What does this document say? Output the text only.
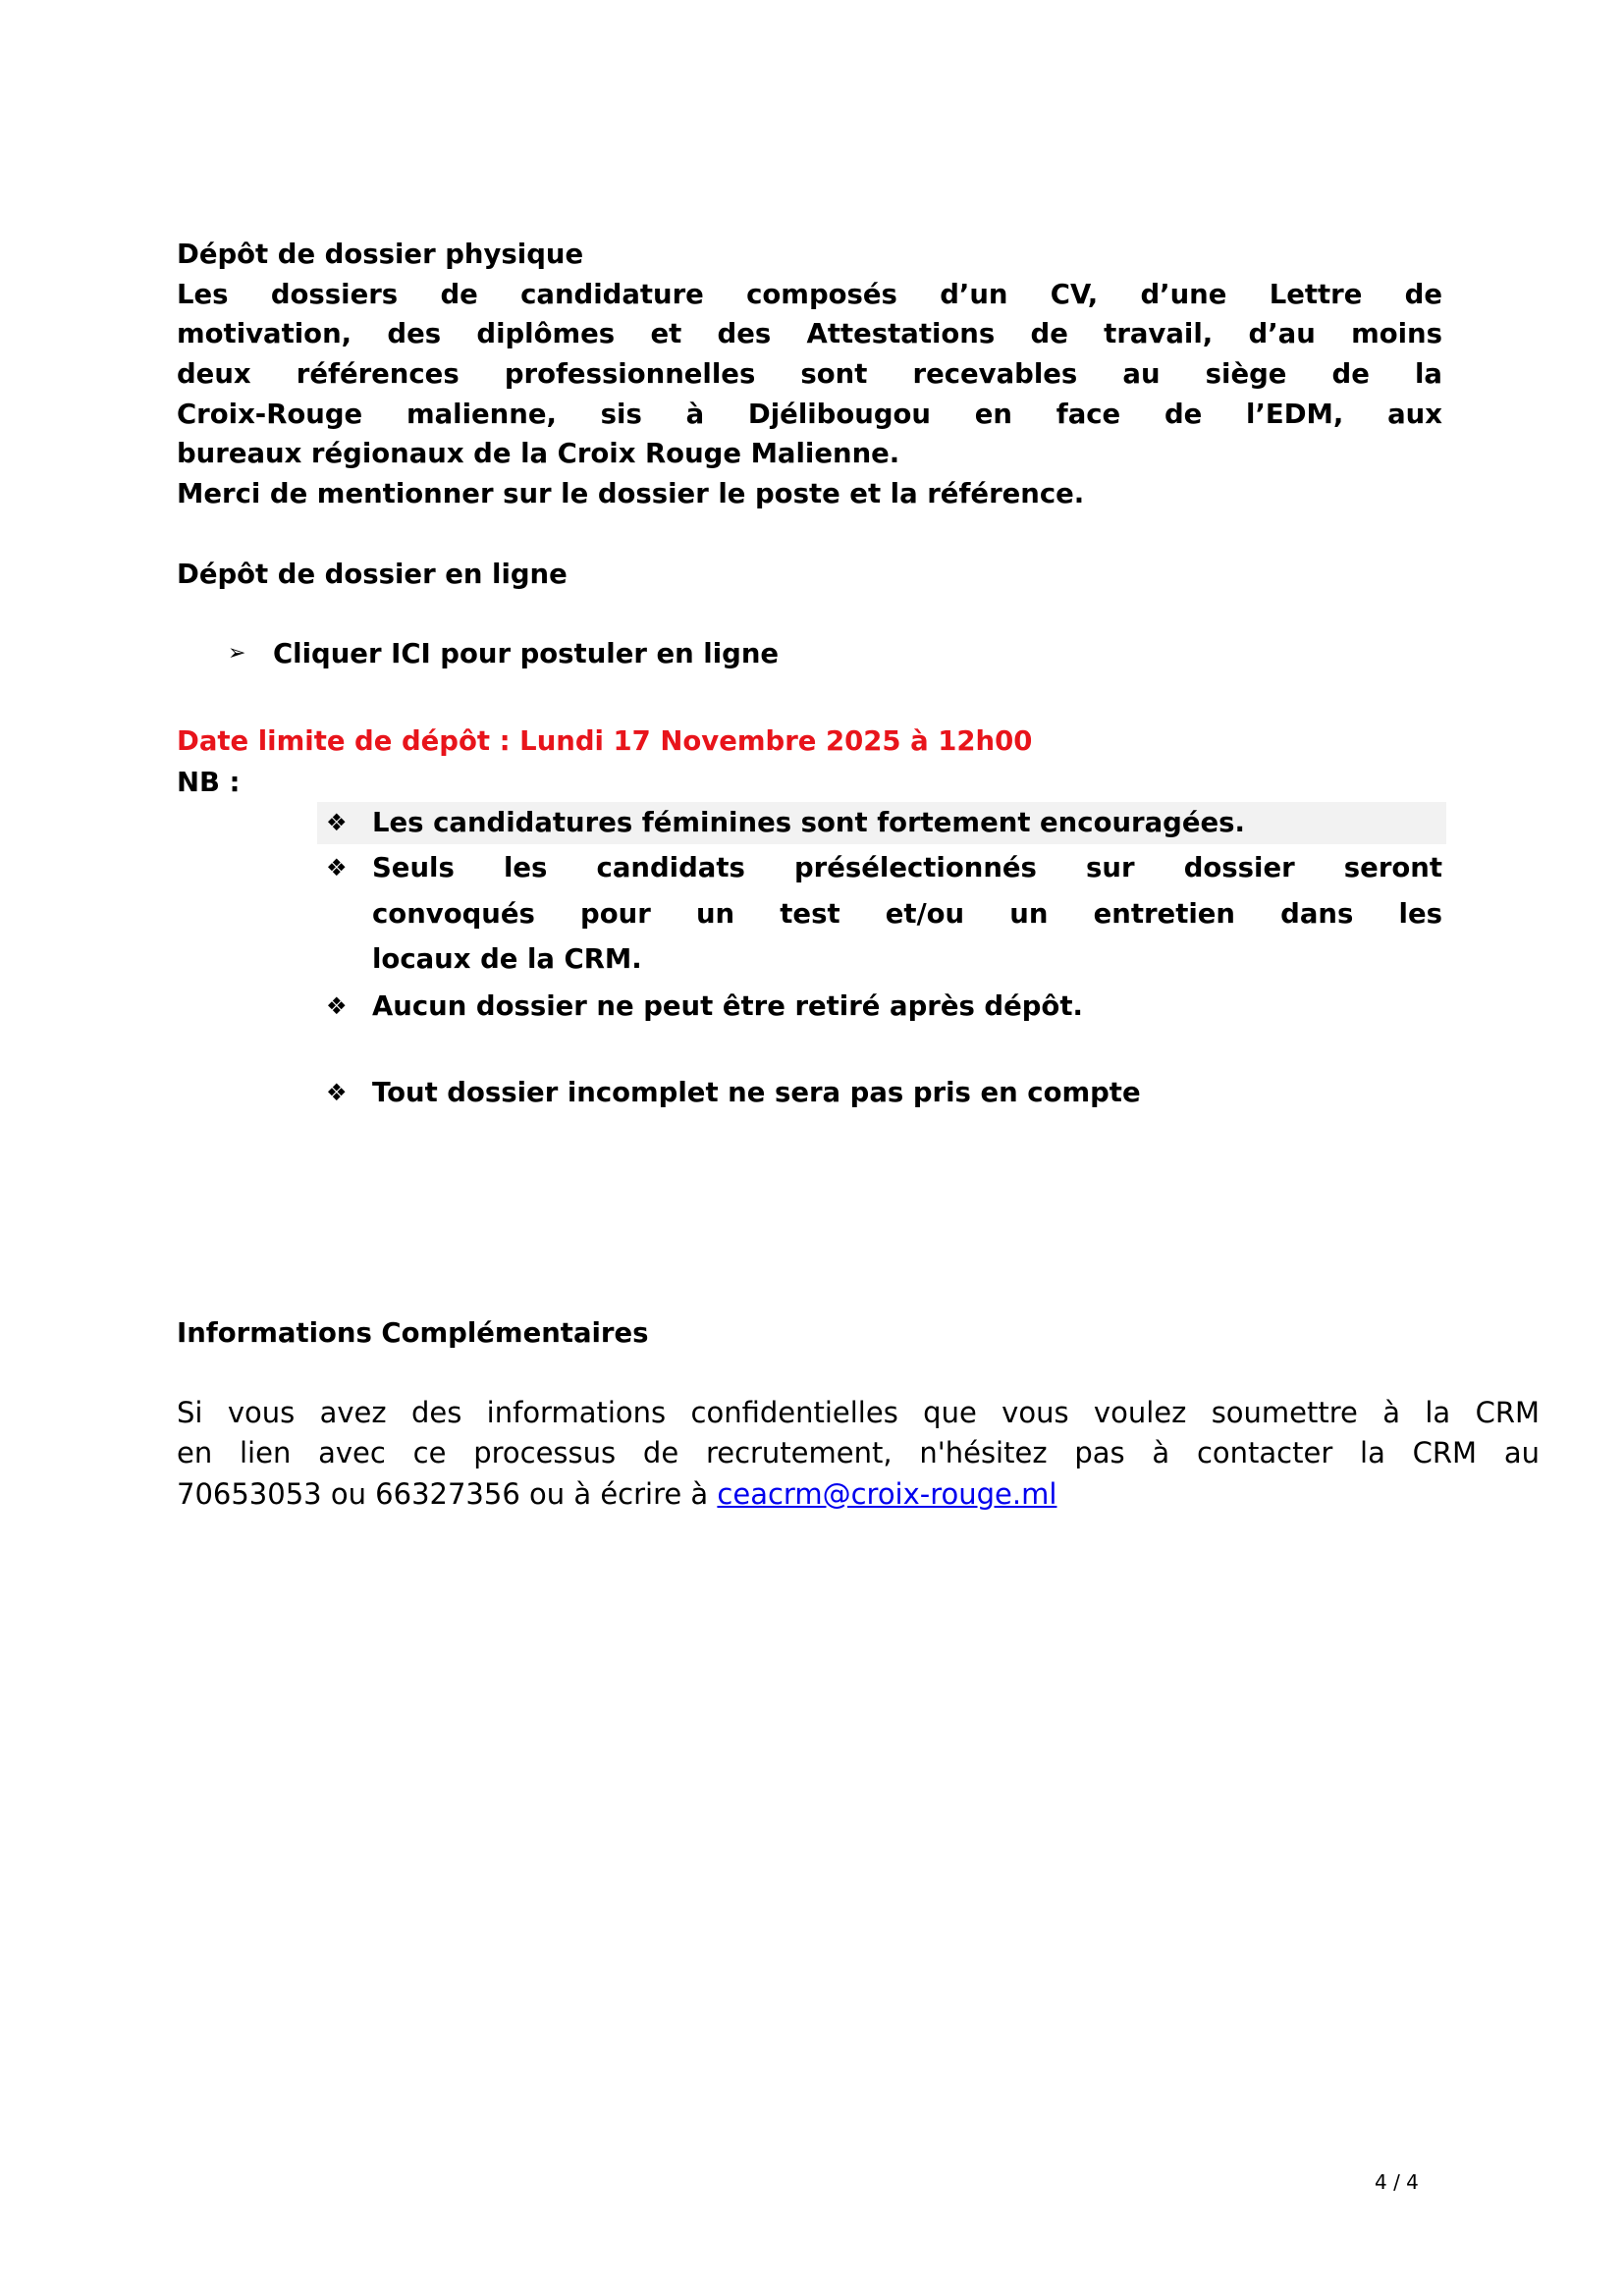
Dépôt de dossier physique
Les dossiers de candidature composés d’un CV, d’une Lettre de
motivation, des diplômes et des Attestations de travail, d’au moins
deux références professionnelles sont recevables au siège de la
Croix-Rouge malienne, sis à Djélibougou en face de l’EDM, aux
bureaux régionaux de la Croix Rouge Malienne.
Merci de mentionner sur le dossier le poste et la référence.
Dépôt de dossier en ligne
➢ Cliquer ICI pour postuler en ligne
Date limite de dépôt : Lundi 17 Novembre 2025 à 12h00
NB :
❖ Les candidatures féminines sont fortement encouragées.
❖ Seuls les candidats présélectionnés sur dossier seront
convoqués pour un test et/ou un entretien dans les
locaux de la CRM.
❖ Aucun dossier ne peut être retiré après dépôt.
❖ Tout dossier incomplet ne sera pas pris en compte
Informations Complémentaires
Si vous avez des informations confidentielles que vous voulez soumettre à la CRM
en lien avec ce processus de recrutement, n'hésitez pas à contacter la CRM au
70653053 ou 66327356 ou à écrire à ceacrm@croix-rouge.ml
4 / 4
